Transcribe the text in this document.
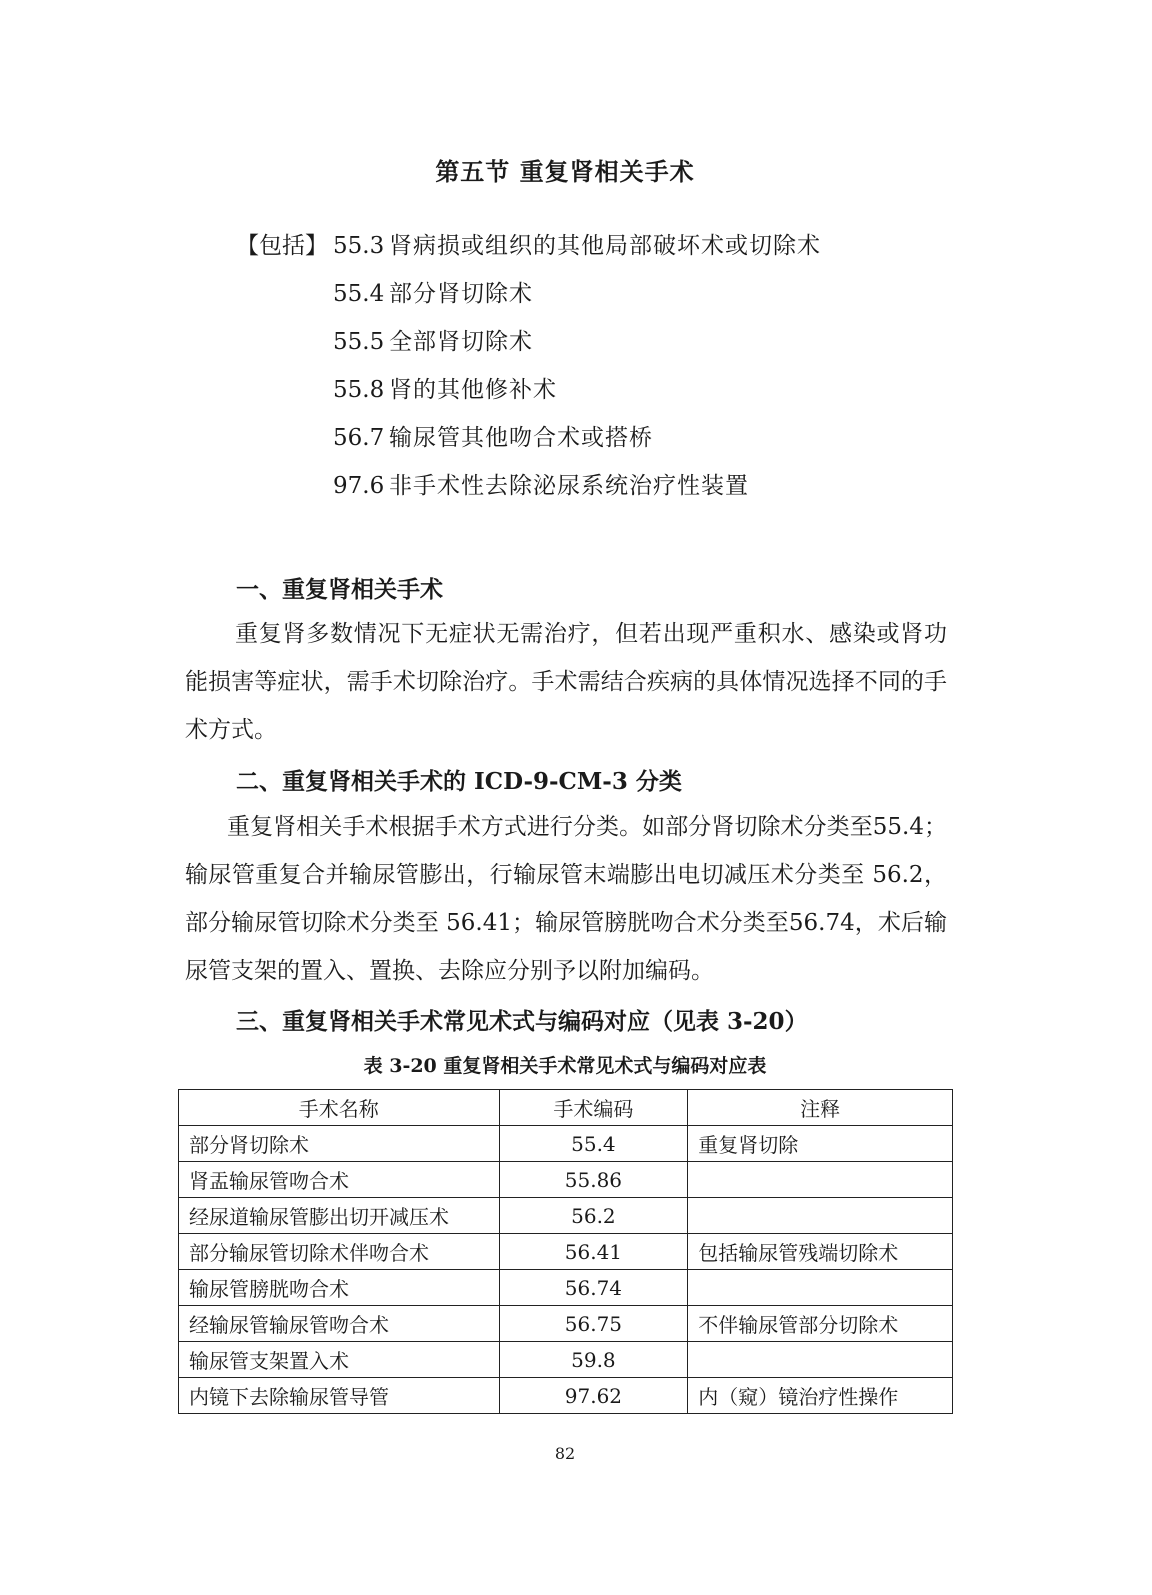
第五节 重复肾相关手术
【包括】 55.3 肾病损或组织的其他局部破坏术或切除术
55.4 部分肾切除术
55.5 全部肾切除术
55.8 肾的其他修补术
56.7 输尿管其他吻合术或搭桥
97.6 非手术性去除泌尿系统治疗性装置
一、重复肾相关手术

重复肾多数情况下无症状无需治疗，但若出现严重积水、感染或肾功能损害等症状，需手术切除治疗。手术需结合疾病的具体情况选择不同的手术方式。

二、重复肾相关手术的 ICD-9-CM-3 分类

重复肾相关手术根据手术方式进行分类。如部分肾切除术分类至55.4；输尿管重复合并输尿管膨出，行输尿管末端膨出电切减压术分类至 56.2，部分输尿管切除术分类至 56.41；输尿管膀胱吻合术分类至56.74，术后输尿管支架的置入、置换、去除应分别予以附加编码。

三、重复肾相关手术常见术式与编码对应（见表 3-20）

表 3-20 重复肾相关手术常见术式与编码对应表

手术名称	手术编码	注释
部分肾切除术	55.4	重复肾切除
肾盂输尿管吻合术	55.86	
经尿道输尿管膨出切开减压术	56.2	
部分输尿管切除术伴吻合术	56.41	包括输尿管残端切除术
输尿管膀胱吻合术	56.74	
经输尿管输尿管吻合术	56.75	不伴输尿管部分切除术
输尿管支架置入术	59.8	
内镜下去除输尿管导管	97.62	内（窥）镜治疗性操作
82
